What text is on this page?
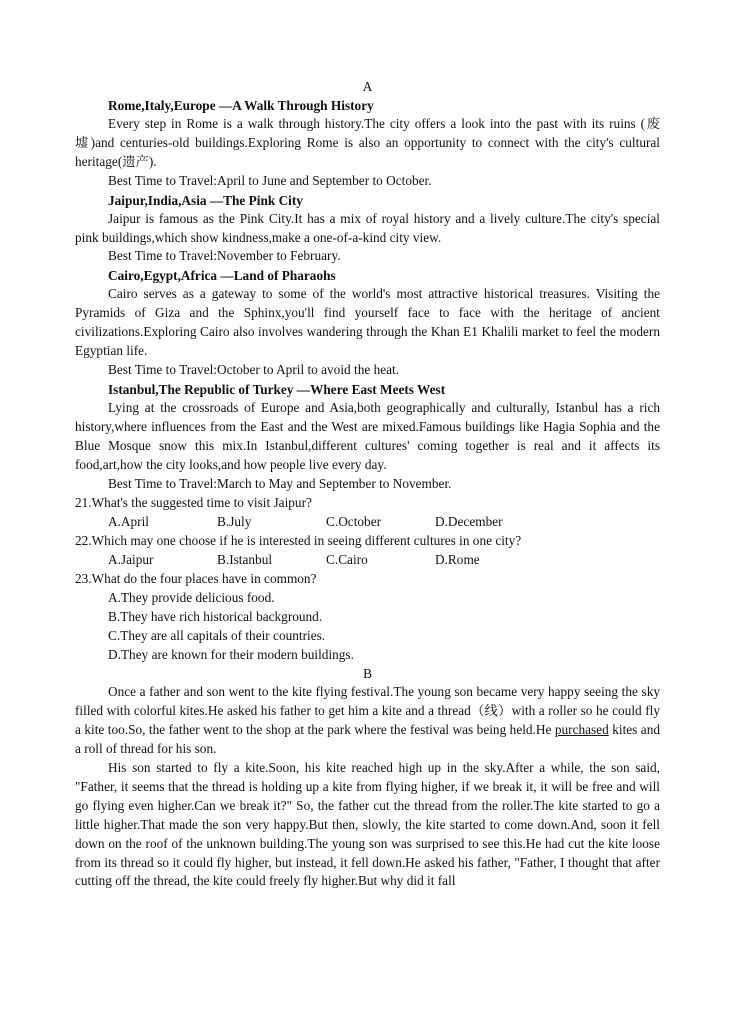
A

Rome,Italy,Europe —A Walk Through History

Every step in Rome is a walk through history.The city offers a look into the past with its ruins (废墟)and centuries-old buildings.Exploring Rome is also an opportunity to connect with the city's cultural heritage(遗产).

Best Time to Travel:April to June and September to October.

Jaipur,India,Asia —The Pink City

Jaipur is famous as the Pink City.It has a mix of royal history and a lively culture.The city's special pink buildings,which show kindness,make a one-of-a-kind city view.

Best Time to Travel:November to February.

Cairo,Egypt,Africa —Land of Pharaohs

Cairo serves as a gateway to some of the world's most attractive historical treasures. Visiting the Pyramids of Giza and the Sphinx,you'll find yourself face to face with the heritage of ancient civilizations.Exploring Cairo also involves wandering through the Khan E1 Khalili market to feel the modern Egyptian life.

Best Time to Travel:October to April to avoid the heat.

Istanbul,The Republic of Turkey —Where East Meets West

Lying at the crossroads of Europe and Asia,both geographically and culturally, Istanbul has a rich history,where influences from the East and the West are mixed.Famous buildings like Hagia Sophia and the Blue Mosque snow this mix.In Istanbul,different cultures' coming together is real and it affects its food,art,how the city looks,and how people live every day.

Best Time to Travel:March to May and September to November.

21.What's the suggested time to visit Jaipur?

A.April	B.July	C.October	D.December

22.Which may one choose if he is interested in seeing different cultures in one city?

A.Jaipur	B.Istanbul	C.Cairo	D.Rome

23.What do the four places have in common?

A.They provide delicious food.

B.They have rich historical background.

C.They are all capitals of their countries.

D.They are known for their modern buildings.

B

Once a father and son went to the kite flying festival.The young son became very happy seeing the sky filled with colorful kites.He asked his father to get him a kite and a thread（线）with a roller so he could fly a kite too.So, the father went to the shop at the park where the festival was being held.He purchased kites and a roll of thread for his son.

His son started to fly a kite.Soon, his kite reached high up in the sky.After a while, the son said, "Father, it seems that the thread is holding up a kite from flying higher, if we break it, it will be free and will go flying even higher.Can we break it?" So, the father cut the thread from the roller.The kite started to go a little higher.That made the son very happy.But then, slowly, the kite started to come down.And, soon it fell down on the roof of the unknown building.The young son was surprised to see this.He had cut the kite loose from its thread so it could fly higher, but instead, it fell down.He asked his father, "Father, I thought that after cutting off the thread, the kite could freely fly higher.But why did it fall
